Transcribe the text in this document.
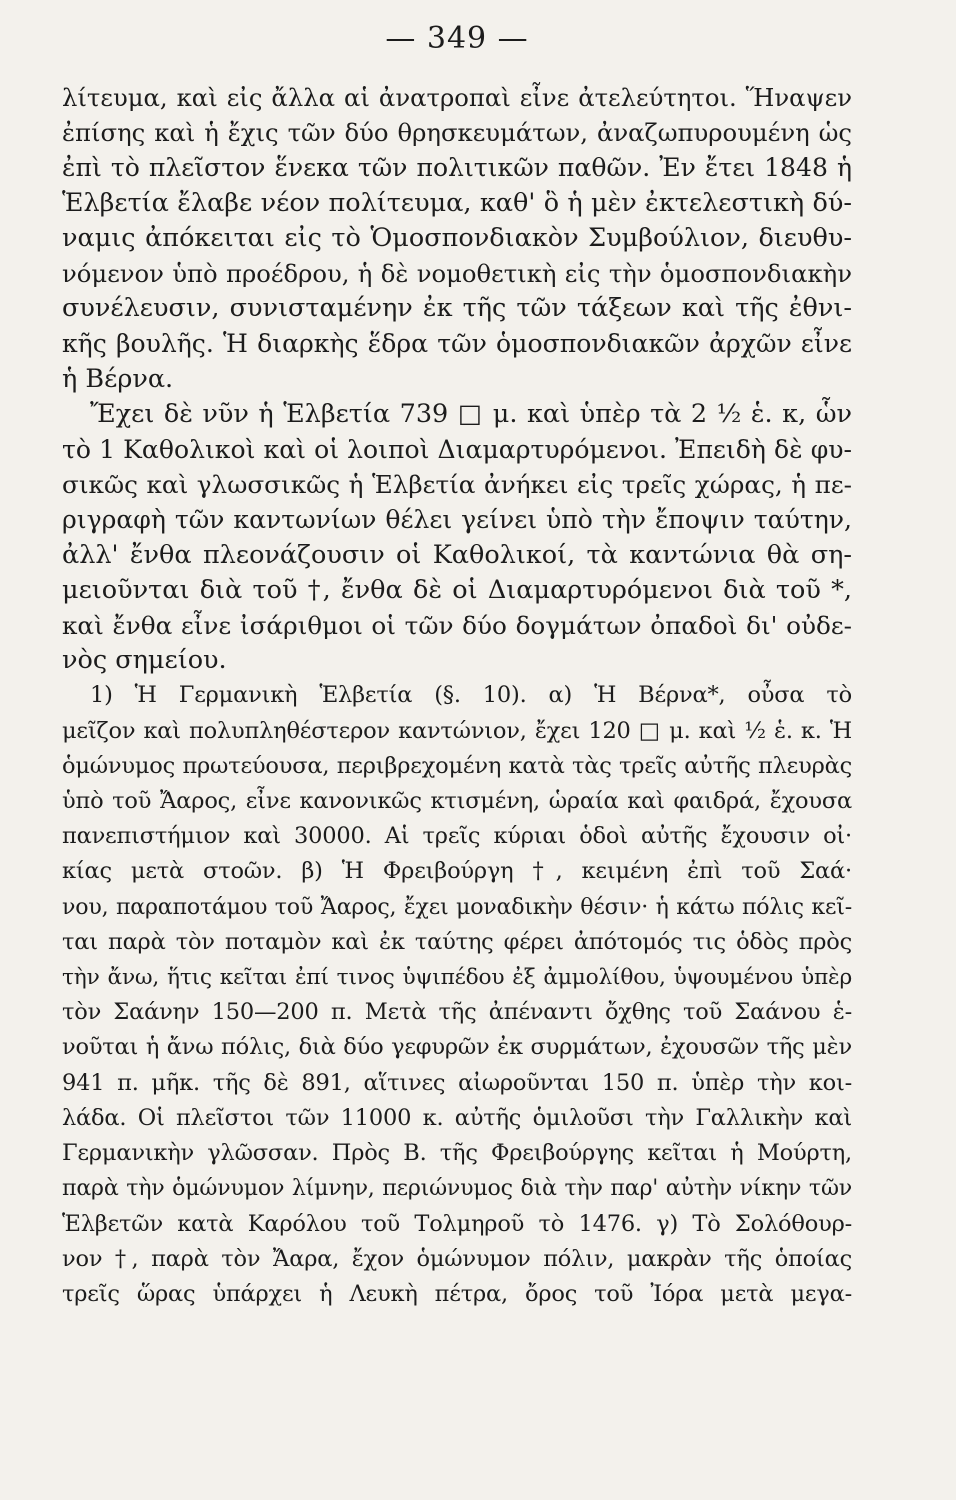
— 349 —
λίτευμα, καὶ εἰς ἄλλα αἱ ἀνατροπαὶ εἶνε ἀτελεύτητοι. Ἥναψεν
ἐπίσης καὶ ἡ ἔχις τῶν δύο θρησκευμάτων, ἀναζωπυρουμένη ὡς
ἐπὶ τὸ πλεῖστον ἕνεκα τῶν πολιτικῶν παθῶν. Ἐν ἔτει 1848 ἡ
Ἑλβετία ἔλαβε νέον πολίτευμα, καθ' ὃ ἡ μὲν ἐκτελεστικὴ δύ-
ναμις ἀπόκειται εἰς τὸ Ὁμοσπονδιακὸν Συμβούλιον, διευθυ-
νόμενον ὑπὸ προέδρου, ἡ δὲ νομοθετικὴ εἰς τὴν ὁμοσπονδιακὴν
συνέλευσιν, συνισταμένην ἐκ τῆς τῶν τάξεων καὶ τῆς ἐθνι-
κῆς βουλῆς. Ἡ διαρκὴς ἕδρα τῶν ὁμοσπονδιακῶν ἀρχῶν εἶνε
ἡ Βέρνα.
Ἔχει δὲ νῦν ἡ Ἑλβετία 739 □ μ. καὶ ὑπὲρ τὰ 2 ½ ἑ. κ, ὧν
τὸ 1 Καθολικοὶ καὶ οἱ λοιποὶ Διαμαρτυρόμενοι. Ἐπειδὴ δὲ φυ-
σικῶς καὶ γλωσσικῶς ἡ Ἑλβετία ἀνήκει εἰς τρεῖς χώρας, ἡ πε-
ριγραφὴ τῶν καντωνίων θέλει γείνει ὑπὸ τὴν ἔποψιν ταύτην,
ἀλλ' ἔνθα πλεονάζουσιν οἱ Καθολικοί, τὰ καντώνια θὰ ση-
μειοῦνται διὰ τοῦ †, ἔνθα δὲ οἱ Διαμαρτυρόμενοι διὰ τοῦ *,
καὶ ἔνθα εἶνε ἰσάριθμοι οἱ τῶν δύο δογμάτων ὀπαδοὶ δι' οὐδε-
νὸς σημείου.
1) Ἡ Γερμανικὴ Ἑλβετία (§. 10). α) Ἡ Βέρνα*, οὖσα τὸ
μεῖζον καὶ πολυπληθέστερον καντώνιον, ἔχει 120 □ μ. καὶ ½ ἑ. κ. Ἡ
ὁμώνυμος πρωτεύουσα, περιβρεχομένη κατὰ τὰς τρεῖς αὐτῆς πλευρὰς
ὑπὸ τοῦ Ἄαρος, εἶνε κανονικῶς κτισμένη, ὡραία καὶ φαιδρά, ἔχουσα
πανεπιστήμιον καὶ 30000. Αἱ τρεῖς κύριαι ὁδοὶ αὐτῆς ἔχουσιν οἰ·
κίας μετὰ στοῶν. β) Ἡ Φρειβούργη †, κειμένη ἐπὶ τοῦ Σαά·
νου, παραποτάμου τοῦ Ἄαρος, ἔχει μοναδικὴν θέσιν· ἡ κάτω πόλις κεῖ-
ται παρὰ τὸν ποταμὸν καὶ ἐκ ταύτης φέρει ἀπότομός τις ὁδὸς πρὸς
τὴν ἄνω, ἥτις κεῖται ἐπί τινος ὑψιπέδου ἐξ ἀμμολίθου, ὑψουμένου ὑπὲρ
τὸν Σαάνην 150—200 π. Μετὰ τῆς ἀπέναντι ὄχθης τοῦ Σαάνου ἑ-
νοῦται ἡ ἄνω πόλις, διὰ δύο γεφυρῶν ἐκ συρμάτων, ἐχουσῶν τῆς μὲν
941 π. μῆκ. τῆς δὲ 891, αἵτινες αἰωροῦνται 150 π. ὑπὲρ τὴν κοι-
λάδα. Οἱ πλεῖστοι τῶν 11000 κ. αὐτῆς ὁμιλοῦσι τὴν Γαλλικὴν καὶ
Γερμανικὴν γλῶσσαν. Πρὸς Β. τῆς Φρειβούργης κεῖται ἡ Μούρτη,
παρὰ τὴν ὁμώνυμον λίμνην, περιώνυμος διὰ τὴν παρ' αὐτὴν νίκην τῶν
Ἑλβετῶν κατὰ Καρόλου τοῦ Τολμηροῦ τὸ 1476. γ) Τὸ Σολόθουρ-
νον †, παρὰ τὸν Ἄαρα, ἔχον ὁμώνυμον πόλιν, μακρὰν τῆς ὁποίας
τρεῖς ὥρας ὑπάρχει ἡ Λευκὴ πέτρα, ὄρος τοῦ Ἰόρα μετὰ μεγα-
